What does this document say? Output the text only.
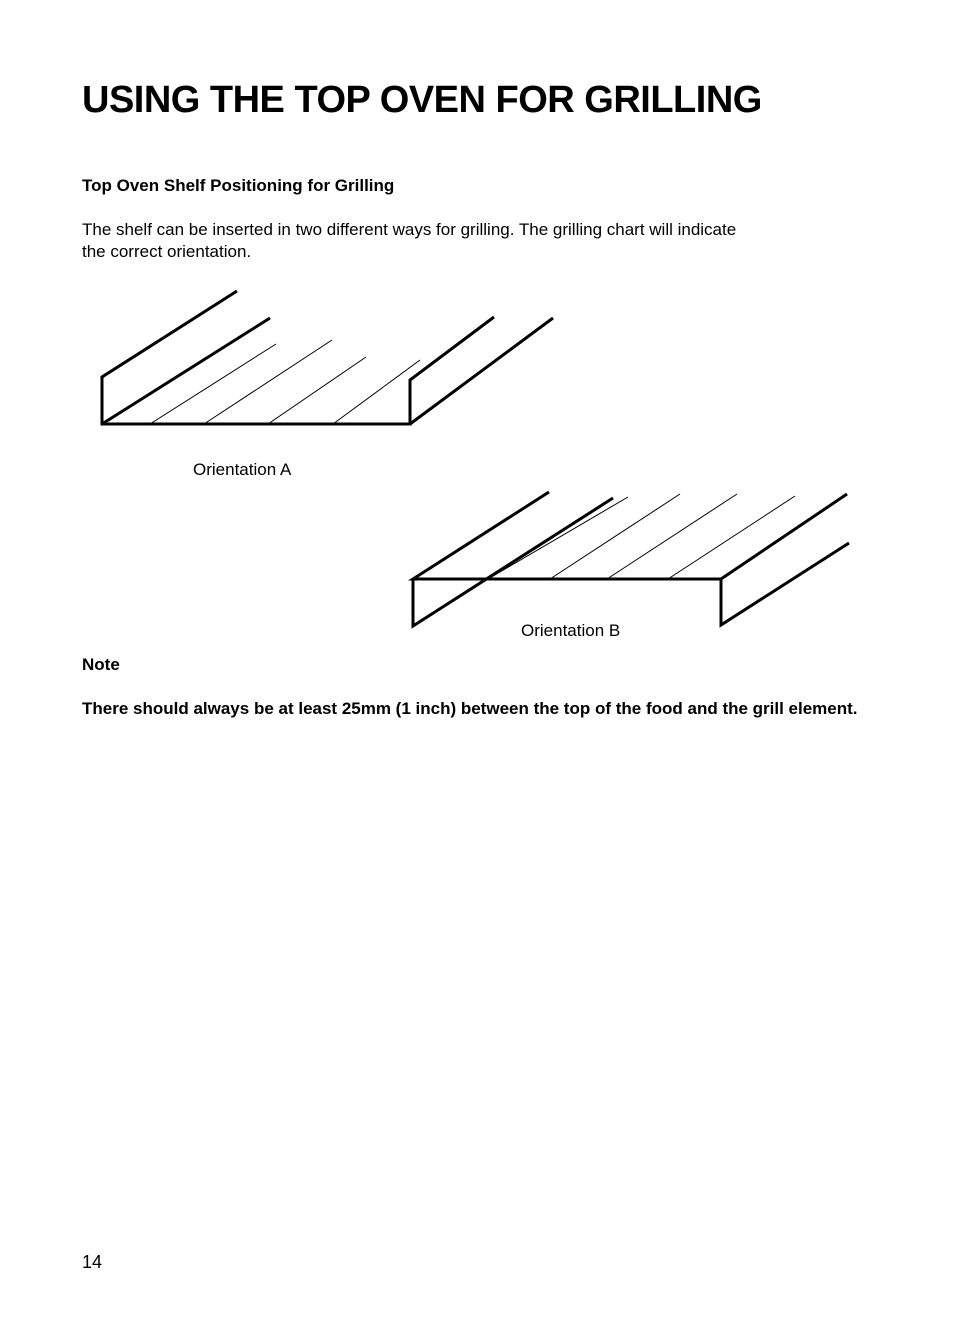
USING THE TOP OVEN FOR GRILLING
Top Oven Shelf Positioning for Grilling

The shelf can be inserted in two different ways for grilling. The grilling chart will indicate the correct orientation.

Orientation A
Orientation B
Note

There should always be at least 25mm (1 inch) between the top of the food and the grill element.

14
